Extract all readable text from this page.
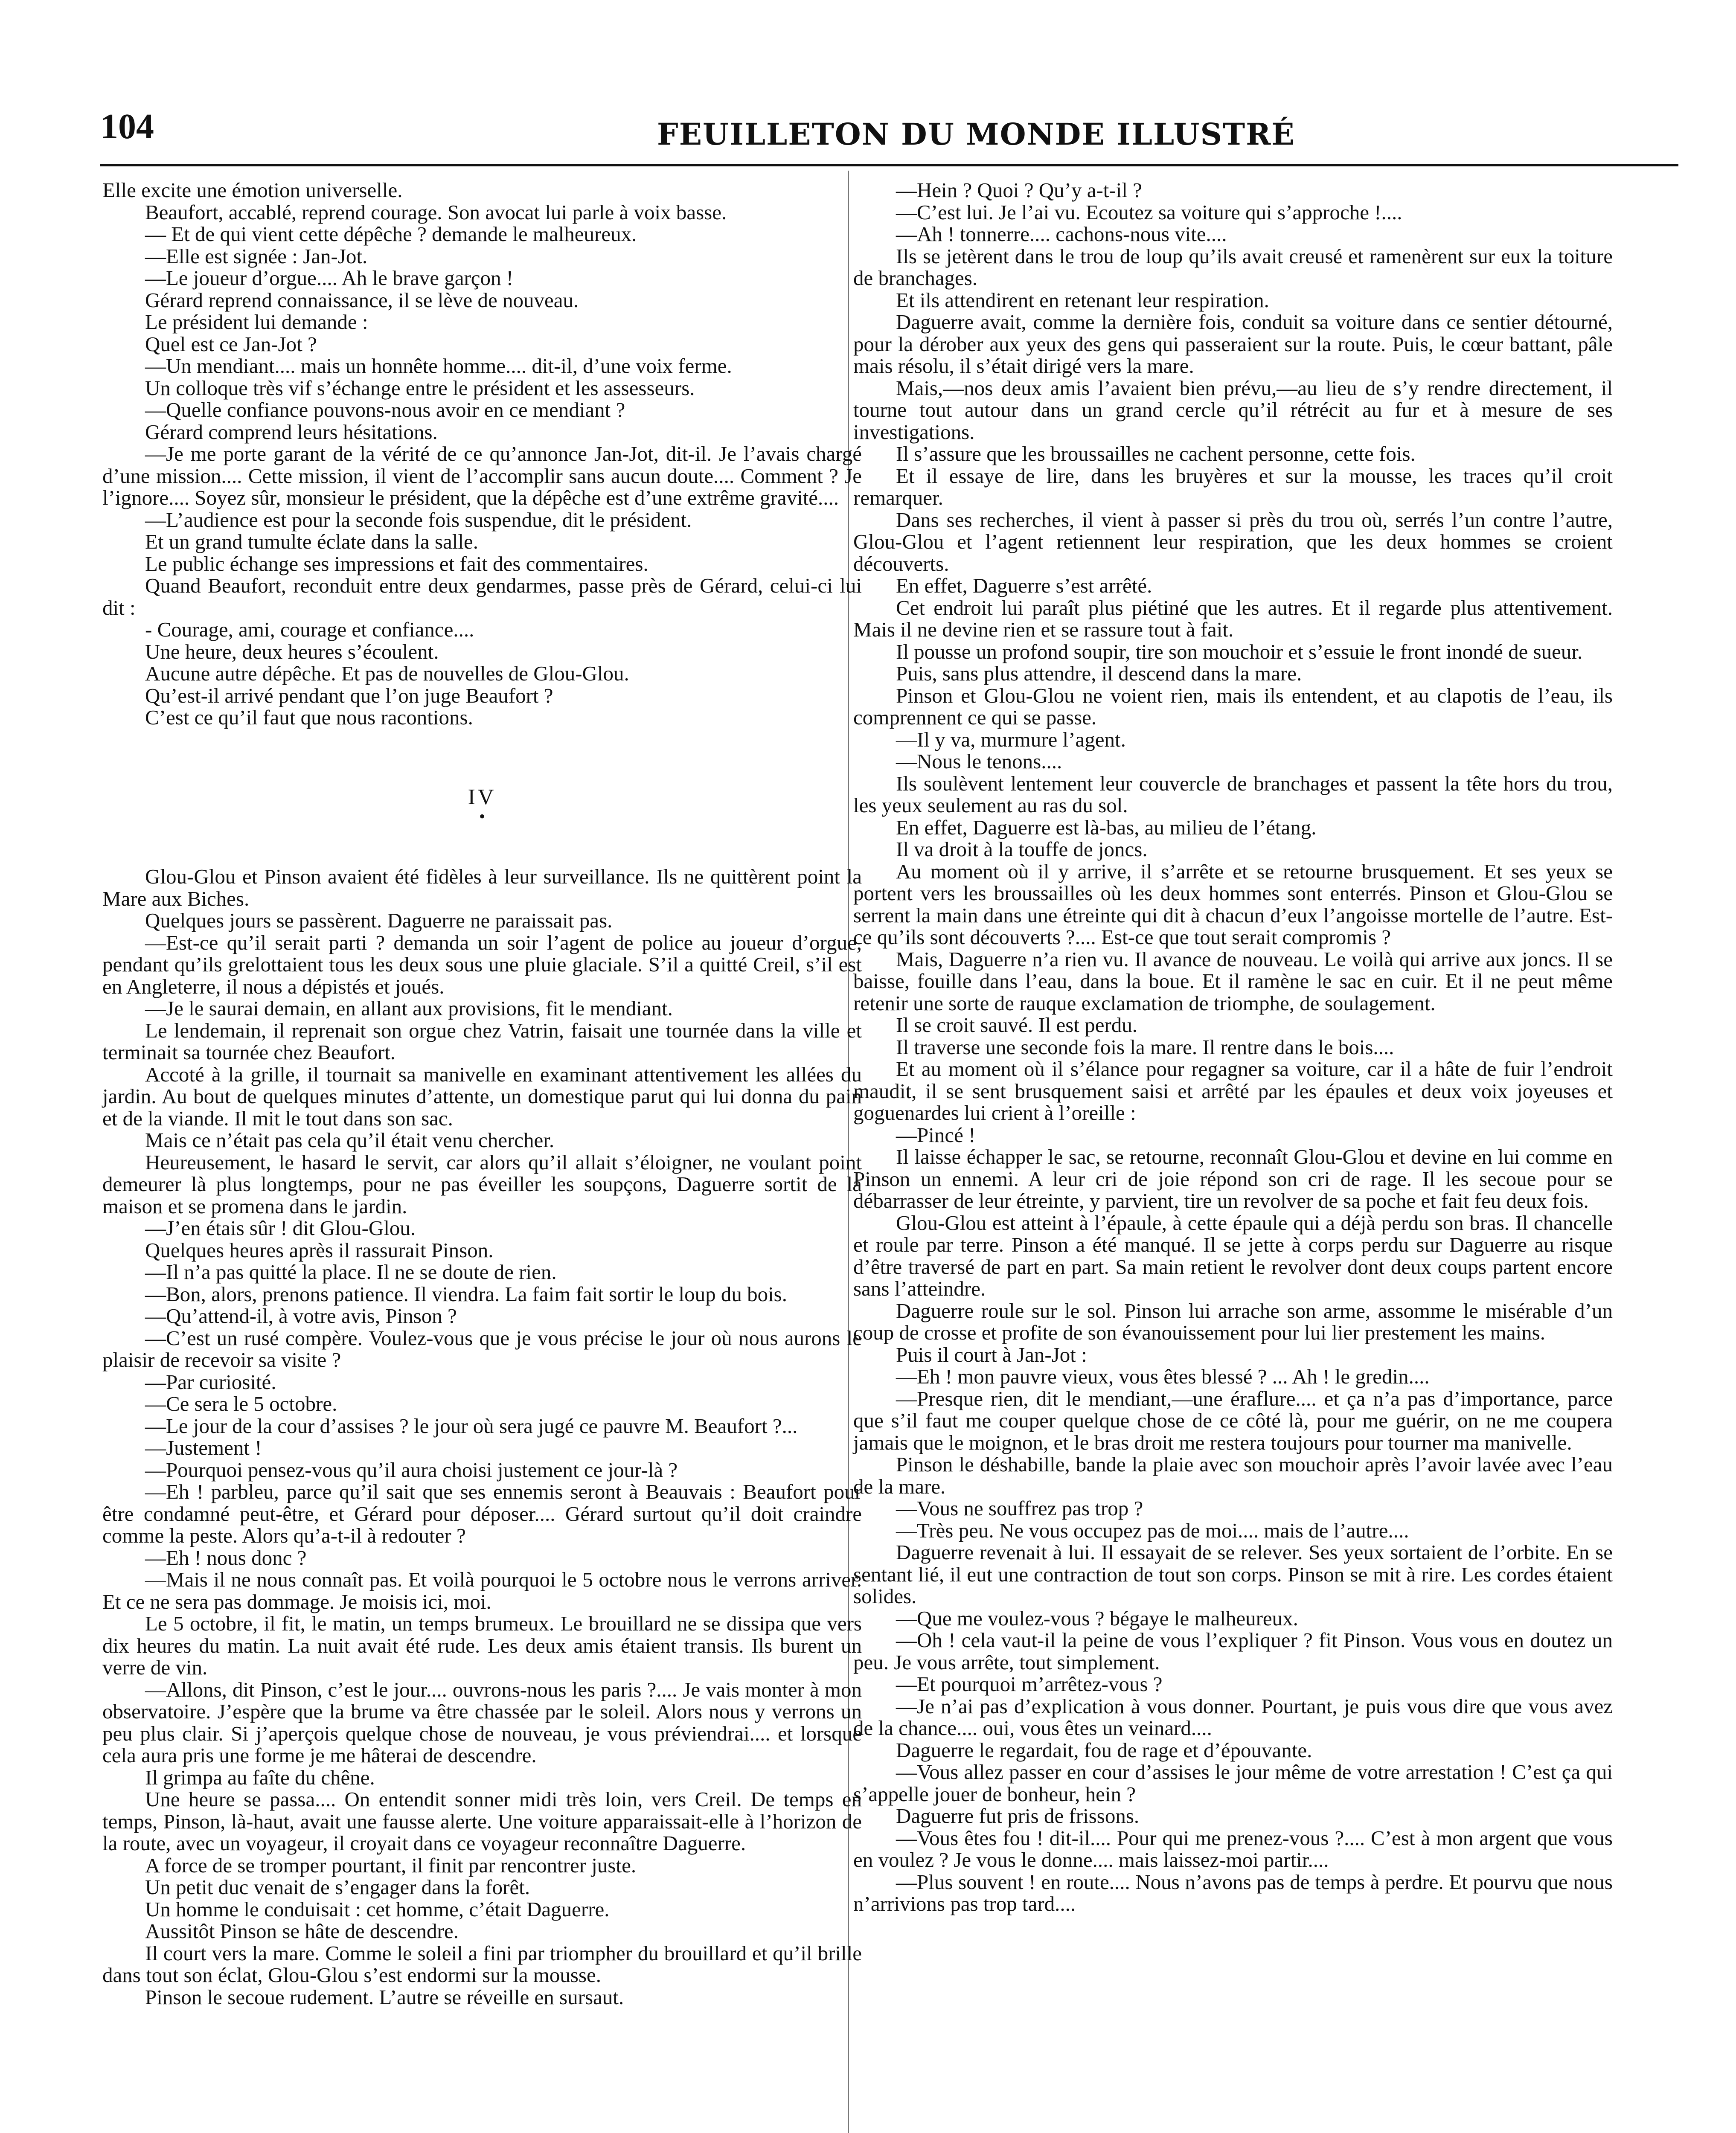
104	FEUILLETON DU MONDE ILLUSTRÉ

Elle excite une émotion universelle.

Beaufort, accablé, reprend courage. Son avocat lui parle à voix basse.

— Et de qui vient cette dépêche ? demande le malheureux.

—Elle est signée : Jan-Jot.

—Le joueur d’orgue.... Ah le brave garçon !

Gérard reprend connaissance, il se lève de nouveau.

Le président lui demande :

Quel est ce Jan-Jot ?

—Un mendiant.... mais un honnête homme.... dit-il, d’une voix ferme.

Un colloque très vif s’échange entre le président et les assesseurs.

—Quelle confiance pouvons-nous avoir en ce mendiant ?

Gérard comprend leurs hésitations.

—Je me porte garant de la vérité de ce qu’annonce Jan-Jot, dit-il. Je l’avais chargé d’une mission.... Cette mission, il vient de l’accomplir sans aucun doute.... Comment ? Je l’ignore.... Soyez sûr, monsieur le président, que la dépêche est d’une extrême gravité....

—L’audience est pour la seconde fois suspendue, dit le président.

Et un grand tumulte éclate dans la salle.

Le public échange ses impressions et fait des commentaires.

Quand Beaufort, reconduit entre deux gendarmes, passe près de Gérard, celui-ci lui dit :

- Courage, ami, courage et confiance....

Une heure, deux heures s’écoulent.

Aucune autre dépêche. Et pas de nouvelles de Glou-Glou.

Qu’est-il arrivé pendant que l’on juge Beaufort ?

C’est ce qu’il faut que nous racontions.

IV

•

Glou-Glou et Pinson avaient été fidèles à leur surveillance. Ils ne quittèrent point la Mare aux Biches.

Quelques jours se passèrent. Daguerre ne paraissait pas.

—Est-ce qu’il serait parti ? demanda un soir l’agent de police au joueur d’orgue, pendant qu’ils grelottaient tous les deux sous une pluie glaciale. S’il a quitté Creil, s’il est en Angleterre, il nous a dépistés et joués.

—Je le saurai demain, en allant aux provisions, fit le mendiant.

Le lendemain, il reprenait son orgue chez Vatrin, faisait une tournée dans la ville et terminait sa tournée chez Beaufort.

Accoté à la grille, il tournait sa manivelle en examinant attentivement les allées du jardin. Au bout de quelques minutes d’attente, un domestique parut qui lui donna du pain et de la viande. Il mit le tout dans son sac.

Mais ce n’était pas cela qu’il était venu chercher.

Heureusement, le hasard le servit, car alors qu’il allait s’éloigner, ne voulant point demeurer là plus longtemps, pour ne pas éveiller les soupçons, Daguerre sortit de la maison et se promena dans le jardin.

—J’en étais sûr ! dit Glou-Glou.

Quelques heures après il rassurait Pinson.

—Il n’a pas quitté la place. Il ne se doute de rien.

—Bon, alors, prenons patience. Il viendra. La faim fait sortir le loup du bois.

—Qu’attend-il, à votre avis, Pinson ?

—C’est un rusé compère. Voulez-vous que je vous précise le jour où nous aurons le plaisir de recevoir sa visite ?

—Par curiosité.

—Ce sera le 5 octobre.

—Le jour de la cour d’assises ? le jour où sera jugé ce pauvre M. Beaufort ?...

—Justement !

—Pourquoi pensez-vous qu’il aura choisi justement ce jour-là ?

—Eh ! parbleu, parce qu’il sait que ses ennemis seront à Beauvais : Beaufort pour être condamné peut-être, et Gérard pour déposer.... Gérard surtout qu’il doit craindre comme la peste. Alors qu’a-t-il à redouter ?

—Eh ! nous donc ?

—Mais il ne nous connaît pas. Et voilà pourquoi le 5 octobre nous le verrons arriver. Et ce ne sera pas dommage. Je moisis ici, moi.

Le 5 octobre, il fit, le matin, un temps brumeux. Le brouillard ne se dissipa que vers dix heures du matin. La nuit avait été rude. Les deux amis étaient transis. Ils burent un verre de vin.

—Allons, dit Pinson, c’est le jour.... ouvrons-nous les paris ?.... Je vais monter à mon observatoire. J’espère que la brume va être chassée par le soleil. Alors nous y verrons un peu plus clair. Si j’aperçois quelque chose de nouveau, je vous préviendrai.... et lorsque cela aura pris une forme je me hâterai de descendre.

Il grimpa au faîte du chêne.

Une heure se passa.... On entendit sonner midi très loin, vers Creil. De temps en temps, Pinson, là-haut, avait une fausse alerte. Une voiture apparaissait-elle à l’horizon de la route, avec un voyageur, il croyait dans ce voyageur reconnaître Daguerre.

A force de se tromper pourtant, il finit par rencontrer juste.

Un petit duc venait de s’engager dans la forêt.

Un homme le conduisait : cet homme, c’était Daguerre.

Aussitôt Pinson se hâte de descendre.

Il court vers la mare. Comme le soleil a fini par triompher du brouillard et qu’il brille dans tout son éclat, Glou-Glou s’est endormi sur la mousse.

Pinson le secoue rudement. L’autre se réveille en sursaut.

—Hein ? Quoi ? Qu’y a-t-il ?

—C’est lui. Je l’ai vu. Ecoutez sa voiture qui s’approche !....

—Ah ! tonnerre.... cachons-nous vite....

Ils se jetèrent dans le trou de loup qu’ils avait creusé et ramenèrent sur eux la toiture de branchages.

Et ils attendirent en retenant leur respiration.

Daguerre avait, comme la dernière fois, conduit sa voiture dans ce sentier détourné, pour la dérober aux yeux des gens qui passeraient sur la route. Puis, le cœur battant, pâle mais résolu, il s’était dirigé vers la mare.

Mais,—nos deux amis l’avaient bien prévu,—au lieu de s’y rendre directement, il tourne tout autour dans un grand cercle qu’il rétrécit au fur et à mesure de ses investigations.

Il s’assure que les broussailles ne cachent personne, cette fois.

Et il essaye de lire, dans les bruyères et sur la mousse, les traces qu’il croit remarquer.

Dans ses recherches, il vient à passer si près du trou où, serrés l’un contre l’autre, Glou-Glou et l’agent retiennent leur respiration, que les deux hommes se croient découverts.

En effet, Daguerre s’est arrêté.

Cet endroit lui paraît plus piétiné que les autres. Et il regarde plus attentivement. Mais il ne devine rien et se rassure tout à fait.

Il pousse un profond soupir, tire son mouchoir et s’essuie le front inondé de sueur.

Puis, sans plus attendre, il descend dans la mare.

Pinson et Glou-Glou ne voient rien, mais ils entendent, et au clapotis de l’eau, ils comprennent ce qui se passe.

—Il y va, murmure l’agent.

—Nous le tenons....

Ils soulèvent lentement leur couvercle de branchages et passent la tête hors du trou, les yeux seulement au ras du sol.

En effet, Daguerre est là-bas, au milieu de l’étang.

Il va droit à la touffe de joncs.

Au moment où il y arrive, il s’arrête et se retourne brusquement. Et ses yeux se portent vers les broussailles où les deux hommes sont enterrés. Pinson et Glou-Glou se serrent la main dans une étreinte qui dit à chacun d’eux l’angoisse mortelle de l’autre. Est-ce qu’ils sont découverts ?.... Est-ce que tout serait compromis ?

Mais, Daguerre n’a rien vu. Il avance de nouveau. Le voilà qui arrive aux joncs. Il se baisse, fouille dans l’eau, dans la boue. Et il ramène le sac en cuir. Et il ne peut même retenir une sorte de rauque exclamation de triomphe, de soulagement.

Il se croit sauvé. Il est perdu.

Il traverse une seconde fois la mare. Il rentre dans le bois....

Et au moment où il s’élance pour regagner sa voiture, car il a hâte de fuir l’endroit maudit, il se sent brusquement saisi et arrêté par les épaules et deux voix joyeuses et goguenardes lui crient à l’oreille :

—Pincé !

Il laisse échapper le sac, se retourne, reconnaît Glou-Glou et devine en lui comme en Pinson un ennemi. A leur cri de joie répond son cri de rage. Il les secoue pour se débarrasser de leur étreinte, y parvient, tire un revolver de sa poche et fait feu deux fois.

Glou-Glou est atteint à l’épaule, à cette épaule qui a déjà perdu son bras. Il chancelle et roule par terre. Pinson a été manqué. Il se jette à corps perdu sur Daguerre au risque d’être traversé de part en part. Sa main retient le revolver dont deux coups partent encore sans l’atteindre.

Daguerre roule sur le sol. Pinson lui arrache son arme, assomme le misérable d’un coup de crosse et profite de son évanouissement pour lui lier prestement les mains.

Puis il court à Jan-Jot :

—Eh ! mon pauvre vieux, vous êtes blessé ? ... Ah ! le gredin....

—Presque rien, dit le mendiant,—une éraflure.... et ça n’a pas d’importance, parce que s’il faut me couper quelque chose de ce côté là, pour me guérir, on ne me coupera jamais que le moignon, et le bras droit me restera toujours pour tourner ma manivelle.

Pinson le déshabille, bande la plaie avec son mouchoir après l’avoir lavée avec l’eau de la mare.

—Vous ne souffrez pas trop ?

—Très peu. Ne vous occupez pas de moi.... mais de l’autre....

Daguerre revenait à lui. Il essayait de se relever. Ses yeux sortaient de l’orbite. En se sentant lié, il eut une contraction de tout son corps. Pinson se mit à rire. Les cordes étaient solides.

—Que me voulez-vous ? bégaye le malheureux.

—Oh ! cela vaut-il la peine de vous l’expliquer ? fit Pinson. Vous vous en doutez un peu. Je vous arrête, tout simplement.

—Et pourquoi m’arrêtez-vous ?

—Je n’ai pas d’explication à vous donner. Pourtant, je puis vous dire que vous avez de la chance.... oui, vous êtes un veinard....

Daguerre le regardait, fou de rage et d’épouvante.

—Vous allez passer en cour d’assises le jour même de votre arrestation ! C’est ça qui s’appelle jouer de bonheur, hein ?

Daguerre fut pris de frissons.

—Vous êtes fou ! dit-il.... Pour qui me prenez-vous ?.... C’est à mon argent que vous en voulez ? Je vous le donne.... mais laissez-moi partir....

—Plus souvent ! en route.... Nous n’avons pas de temps à perdre. Et pourvu que nous n’arrivions pas trop tard....
